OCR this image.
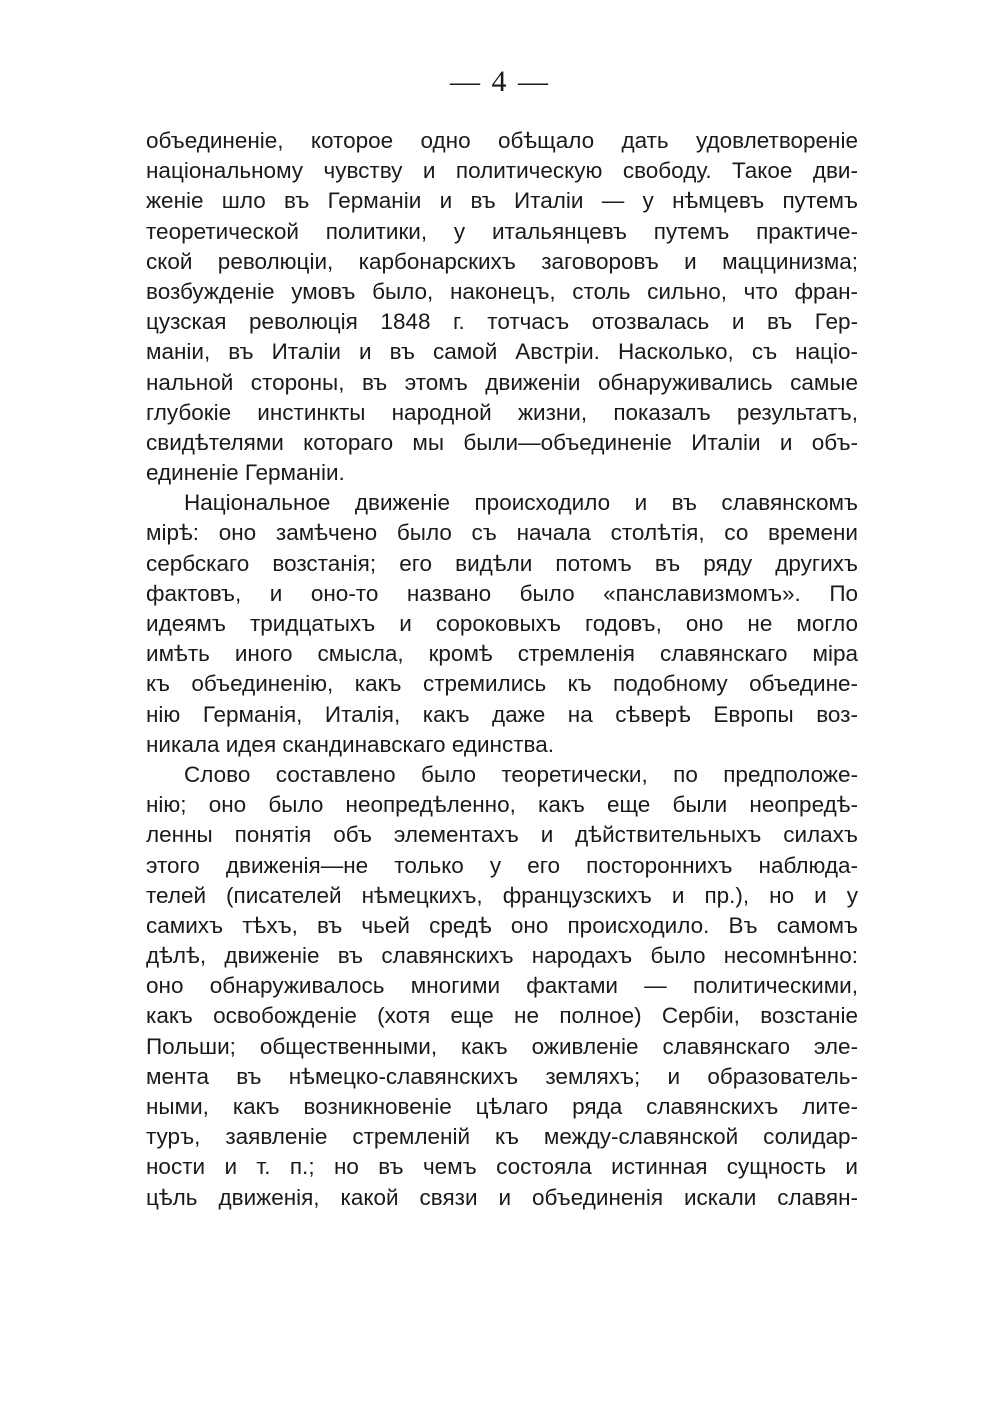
— 4 —
объединенie, которое одно обѣщало дать удовлетворенie
нацiональному чувству и политическую свободу. Такое дви-
женie шло въ Германiи и въ Италiи — у нѣмцевъ путемъ
теоретической политики, у итальянцевъ путемъ практиче-
ской революцiи, карбонарскихъ заговоровъ и маццинизма;
возбужденie умовъ было, наконецъ, столь сильно, что фран-
цузская революцiя 1848 г. тотчасъ отозвалась и въ Гер-
манiи, въ Италiи и въ самой Австрiи. Насколько, съ нацiо-
нальной стороны, въ этомъ движенiи обнаруживались самые
глубокie инстинкты народной жизни, показалъ результатъ,
свидѣтелями котораго мы были—объединенie Италiи и объ-
единенie Германiи.
Нацiональное движенie происходило и въ славянскомъ
мiрѣ: оно замѣчено было съ начала столѣтiя, со времени
сербскаго возстанiя; его видѣли потомъ въ ряду другихъ
фактовъ, и оно-то названо было «панславизмомъ». По
идеямъ тридцатыхъ и сороковыхъ годовъ, оно не могло
имѣть иного смысла, кромѣ стремленiя славянскаго мiра
къ объединенiю, какъ стремились къ подобному объедине-
нiю Германiя, Италiя, какъ даже на сѣверѣ Европы воз-
никала идея скандинавскаго единства.
Слово составлено было теоретически, по предположе-
нiю; оно было неопредѣленно, какъ еще были неопредѣ-
ленны понятiя объ элементахъ и дѣйствительныхъ силахъ
этого движенiя—не только у его постороннихъ наблюда-
телей (писателей нѣмецкихъ, французскихъ и пр.), но и у
самихъ тѣхъ, въ чьей средѣ оно происходило. Въ самомъ
дѣлѣ, движенie въ славянскихъ народахъ было несомнѣнно:
оно обнаруживалось многими фактами — политическими,
какъ освобожденie (хотя еще не полное) Сербiи, возстанie
Польши; общественными, какъ оживленie славянскаго эле-
мента въ нѣмецко-славянскихъ земляхъ; и образователь-
ными, какъ возникновенie цѣлаго ряда славянскихъ лите-
туръ, заявленie стремленiй къ между-славянской солидар-
ности и т. п.; но въ чемъ состояла истинная сущность и
цѣль движенiя, какой связи и объединенiя искали славян-
